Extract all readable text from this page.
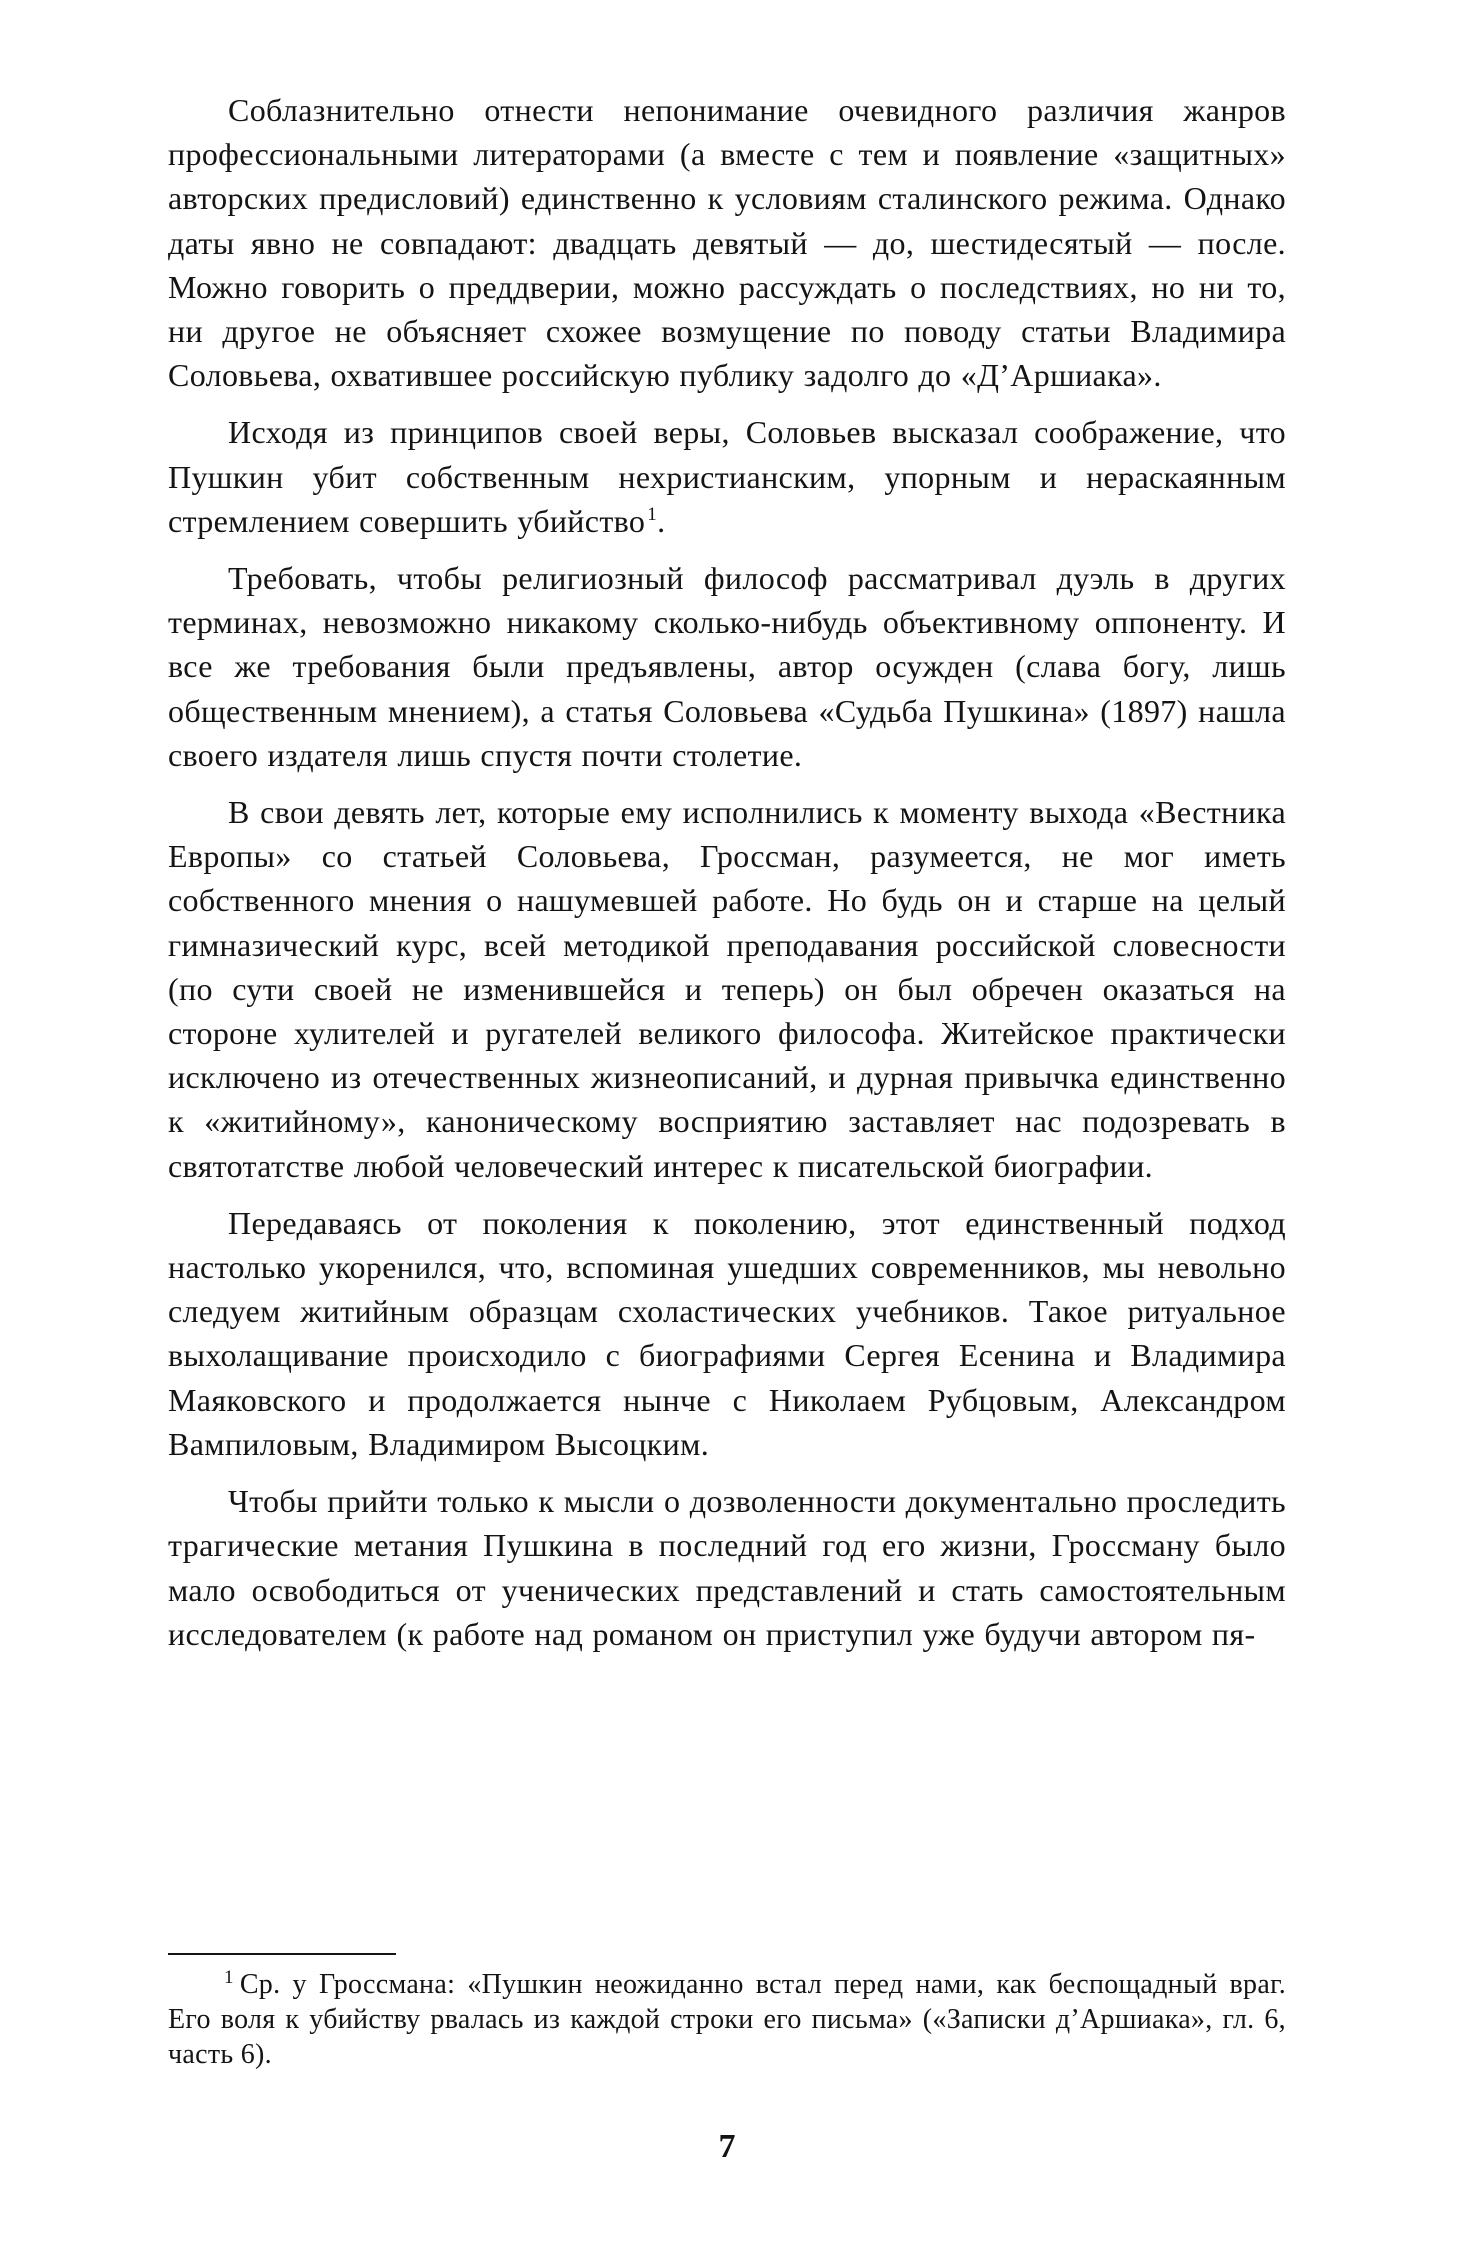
Соблазнительно отнести непонимание очевидного различия жанров профессиональными литераторами (а вместе с тем и появление «защитных» авторских предисловий) единственно к условиям сталинского режима. Однако даты явно не совпадают: двадцать девятый — до, шестидесятый — после. Можно говорить о преддверии, можно рассуждать о последствиях, но ни то, ни другое не объясняет схожее возмущение по поводу статьи Владимира Соловьева, охватившее российскую публику задолго до «Д’Аршиака».

Исходя из принципов своей веры, Соловьев высказал соображение, что Пушкин убит собственным нехристианским, упорным и нераскаянным стремлением совершить убийство $^1$.

Требовать, чтобы религиозный философ рассматривал дуэль в других терминах, невозможно никакому сколько-нибудь объективному оппоненту. И все же требования были предъявлены, автор осужден (слава богу, лишь общественным мнением), а статья Соловьева «Судьба Пушкина» (1897) нашла своего издателя лишь спустя почти столетие.

В свои девять лет, которые ему исполнились к моменту выхода «Вестника Европы» со статьей Соловьева, Гроссман, разумеется, не мог иметь собственного мнения о нашумевшей работе. Но будь он и старше на целый гимназический курс, всей методикой преподавания российской словесности (по сути своей не изменившейся и теперь) он был обречен оказаться на стороне хулителей и ругателей великого философа. Житейское практически исключено из отечественных жизнеописаний, и дурная привычка единственно к «житийному», каноническому восприятию заставляет нас подозревать в святотатстве любой человеческий интерес к писательской биографии.

Передаваясь от поколения к поколению, этот единственный подход настолько укоренился, что, вспоминая ушедших современников, мы невольно следуем житийным образцам схоластических учебников. Такое ритуальное выхолащивание происходило с биографиями Сергея Есенина и Владимира Маяковского и продолжается нынче с Николаем Рубцовым, Александром Вампиловым, Владимиром Высоцким.

Чтобы прийти только к мысли о дозволенности документально проследить трагические метания Пушкина в последний год его жизни, Гроссману было мало освободиться от ученических представлений и стать самостоятельным исследователем (к работе над романом он приступил уже будучи автором пя-

$^1$ Ср. у Гроссмана: «Пушкин неожиданно встал перед нами, как беспощадный враг. Его воля к убийству рвалась из каждой строки его письма» («Записки д’Аршиака», гл. 6, часть 6).

7
